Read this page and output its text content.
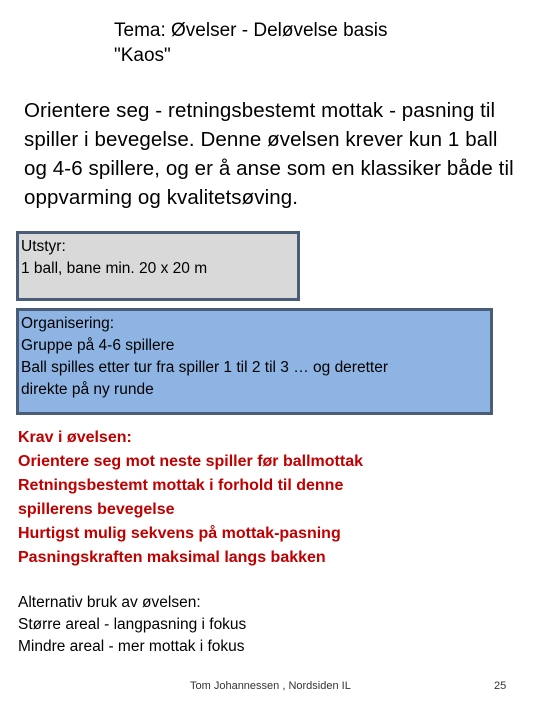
Tema: Øvelser - Deløvelse basis
"Kaos"
Orientere seg - retningsbestemt mottak - pasning til
spiller i bevegelse. Denne øvelsen krever kun 1 ball
og 4-6 spillere, og er å anse som en klassiker både til
oppvarming og kvalitetsøving.
Utstyr:
1 ball, bane min. 20 x 20 m
Organisering:
Gruppe på 4-6 spillere
Ball spilles etter tur fra spiller 1 til 2 til 3 … og deretter
direkte på ny runde
Krav i øvelsen:
Orientere seg mot neste spiller før ballmottak
Retningsbestemt mottak i forhold til denne
spillerens bevegelse
Hurtigst mulig sekvens på mottak-pasning
Pasningskraften maksimal langs bakken
Alternativ bruk av øvelsen:
Større areal - langpasning i fokus
Mindre areal - mer mottak i fokus
Tom Johannessen , Nordsiden IL	25
